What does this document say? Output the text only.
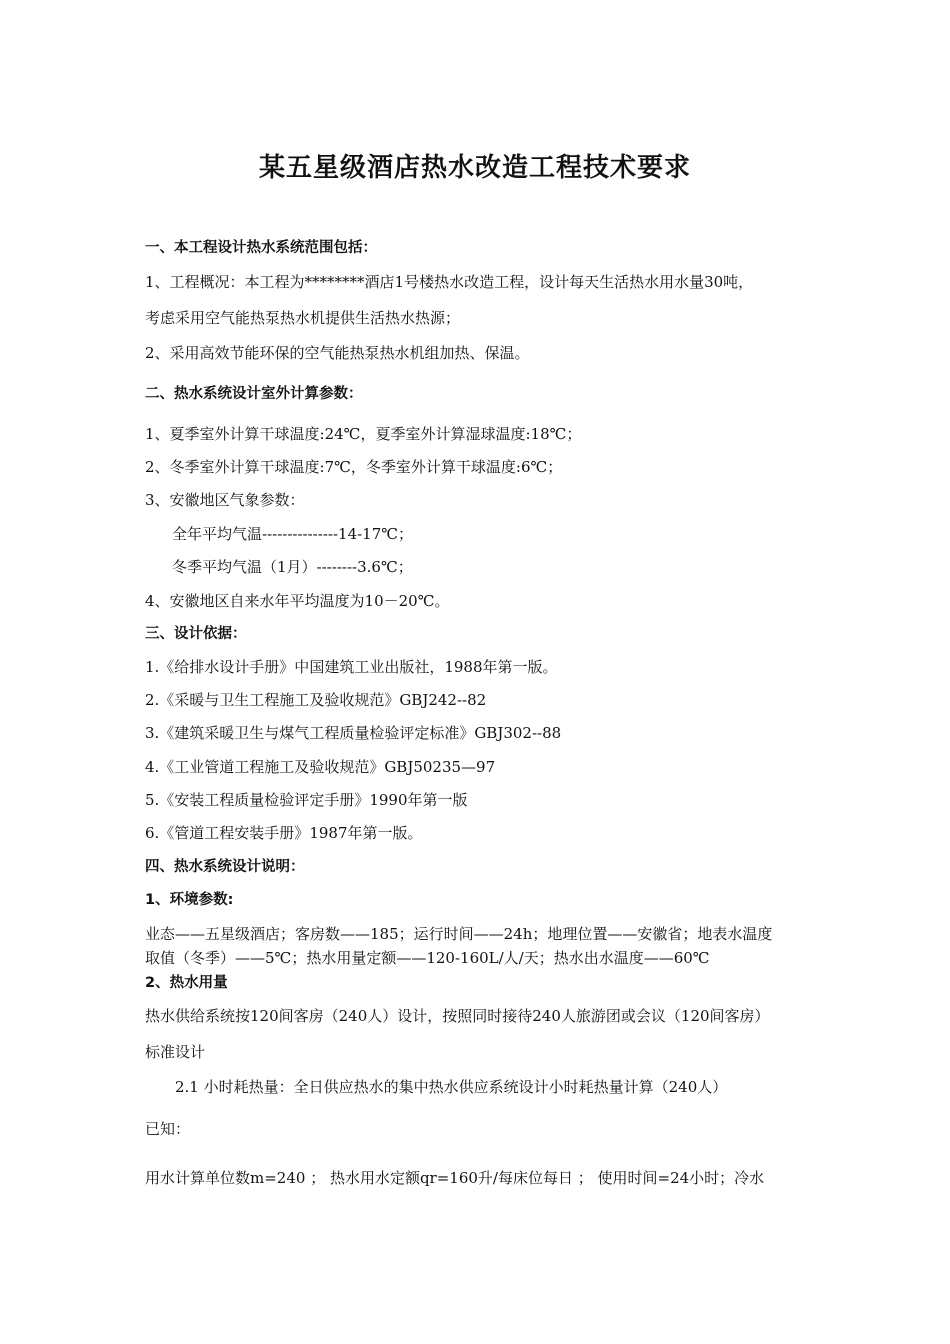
某五星级酒店热水改造工程技术要求
一、本工程设计热水系统范围包括：
1、工程概况：本工程为********酒店1号楼热水改造工程，设计每天生活热水用水量30吨，
考虑采用空气能热泵热水机提供生活热水热源；
2、采用高效节能环保的空气能热泵热水机组加热、保温。
二、热水系统设计室外计算参数：
1、夏季室外计算干球温度:24℃，夏季室外计算湿球温度:18℃；
2、冬季室外计算干球温度:7℃，冬季室外计算干球温度:6℃；
3、安徽地区气象参数：
全年平均气温---------------14-17℃；
冬季平均气温（1月）--------3.6℃；
4、安徽地区自来水年平均温度为10－20℃。
三、设计依据：
1.《给排水设计手册》中国建筑工业出版社，1988年第一版。
2.《采暖与卫生工程施工及验收规范》GBJ242--82
3.《建筑采暖卫生与煤气工程质量检验评定标准》GBJ302--88
4.《工业管道工程施工及验收规范》GBJ50235—97
5.《安装工程质量检验评定手册》1990年第一版
6.《管道工程安装手册》1987年第一版。
四、热水系统设计说明：
1、环境参数:
业态——五星级酒店；客房数——185；运行时间——24h；地理位置——安徽省；地表水温度
取值（冬季）——5℃；热水用量定额——120-160L/人/天；热水出水温度——60℃
2、热水用量
热水供给系统按120间客房（240人）设计，按照同时接待240人旅游团或会议（120间客房）
标准设计
2.1 小时耗热量：全日供应热水的集中热水供应系统设计小时耗热量计算（240人）
已知：
用水计算单位数m=240 ； 热水用水定额qr=160升/每床位每日 ； 使用时间=24小时；冷水
